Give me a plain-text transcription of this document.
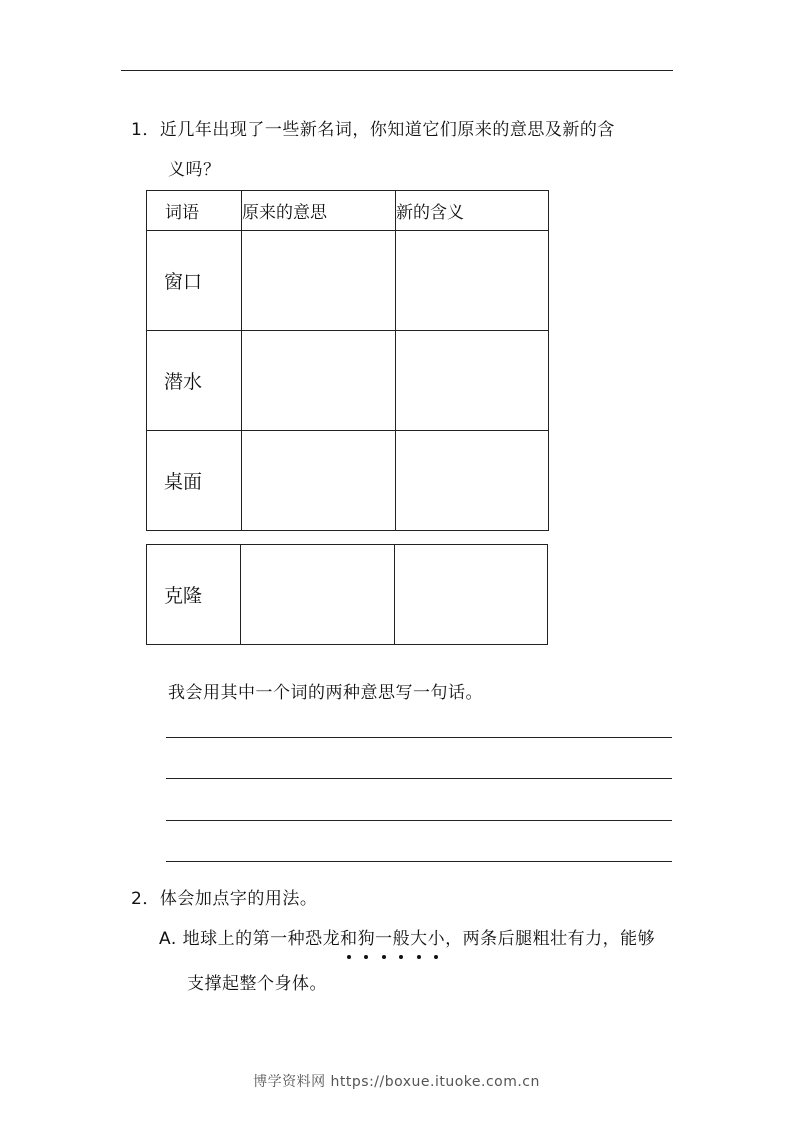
1．近几年出现了一些新名词，你知道它们原来的意思及新的含
义吗？
词语	原来的意思	新的含义
窗口		
潜水		
桌面		
克隆		
我会用其中一个词的两种意思写一句话。
2．体会加点字的用法。
A. 地球上的第一种恐龙和狗一般大小，两条后腿粗壮有力，能够
支撑起整个身体。
博学资料网 https://boxue.ituoke.com.cn
